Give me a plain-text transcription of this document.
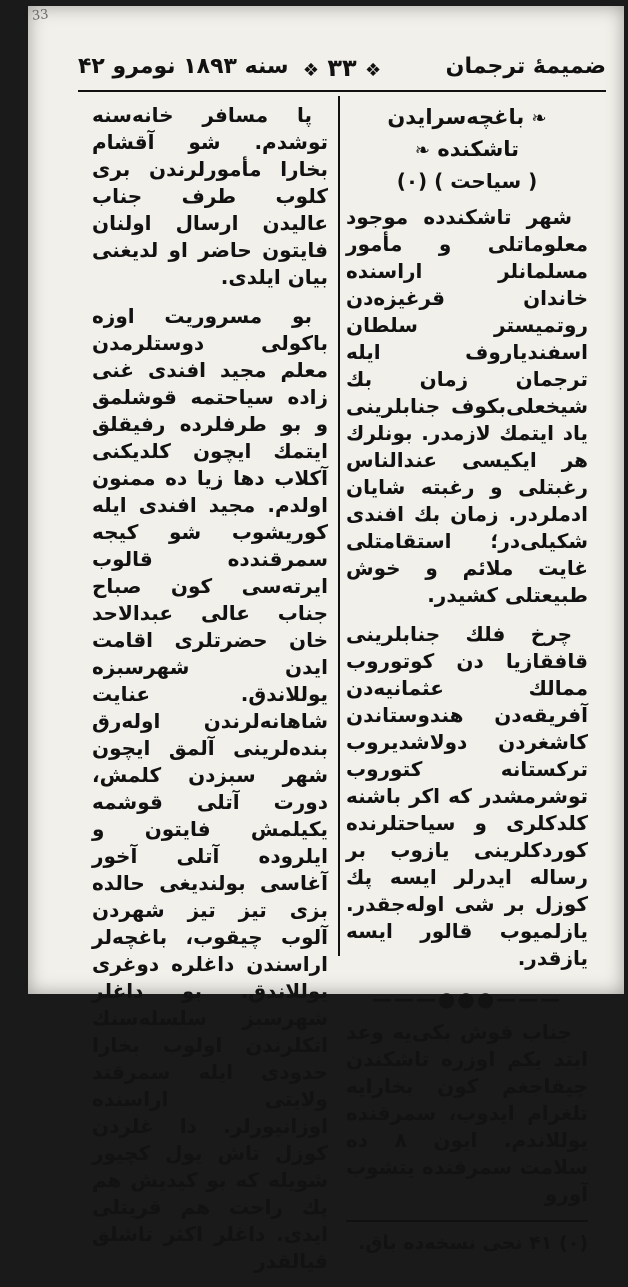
33
ضمیمهٔ ترجمان
❖ ۳۳ ❖
سنه ۱۸۹۳ نومرو ۴۲
❧ باغچه‌سرایدن تاشکنده ❧
( سیاحت ) (۰)

شهر تاشکندده موجود معلو‌ماتلی و مأمور مسلمانلر ارا‌سنده خاندان قرغیزه‌دن روتمیستر سلطان اسفندیاروف ایله ترجمان زمان بك شیخعلی‌بکوف جنا‌بلرینی یاد ایتمك لازمدر. بو‌نلرك هر ایکیسی عندالناس رغبتلی و رغبته شایان ادملردر. زمان بك افندی شکیلی‌در؛ استقامتلی غایت ملائم و خوش طبیعتلی کشیدر.

چرخ فلك جنابلرینی قافقازیا دن کوتوروب ممالك عثمانیه‌دن آفریقه‌دن هندوستاندن کاشغردن دولاشدیروب ترکستانه کتوروب توشرمشدر که اکر باشنه کلدکلری و سیاحتلرنده کوردکلرینی یازوب بر رساله ایدرلر ایسه پك کوزل بر شی اوله‌جقدر. یازلمیوب قالور ایسه یازقدر.

———●●●———

جناب قوش بکی‌یه وعد ایتد یکم اوزره تاشکندن چیقاجغم کون بخارایه تلغرام ایدوب، سمرقنده یوللاندم. ایون ۸ ده سلامت سمرقنده یتشوب آورو‌

(۰) ۴۱ نجی نسخه‌ده باق.

پا مسافر خانه‌سنه توشدم. شو آقشام بخارا مأمورلرندن بری کلوب طرف جناب عالیدن ارسال اولنان فایتون حاضر او لدیغنی بیان ایلدی.

بو مسروریت اوزه باکولی دوستلرمدن معلم مجید افندی غنی زاده سیاحتمه قوشلمق و بو طرفلرده رفیقلق ایتمك ایچون کلدیکنی آکلاب دها زیا ده ممنون اولدم. مجید افندی ایله کوریشوب شو کیجه سمر‌قندده قالوب ایرته‌سی کون صباح جناب عالی عبدالاحد خان حضرتلری اقامت ایدن شهرسبزه یوللاندق. عنایت شا‌هانه‌لرندن اوله‌رق بنده‌لرینی آلمق ایچون شهر سبزدن کلمش، دورت آتلی قوشمه یکیلمش فایتون و ایلروده آتلی آخور آغاسی بولندیغی حالده بزی تیز تیز شهردن آلوب چیقوب، باغچه‌لر ارا‌سندن داغلره دوغری یوللاندق. بو داغلر شهرسبز سلسله‌سنك اتکلرندن اولوب بخارا حدودی ایله سمرقند ولایتی ارا‌سنده اوزانیورلر. دا غلردن کوزل تاش یول کچیور شویله که بو کیدیش هم پك راحت هم قریتلی ایدی. داغلر اکثر تاشلق قیالقدر
